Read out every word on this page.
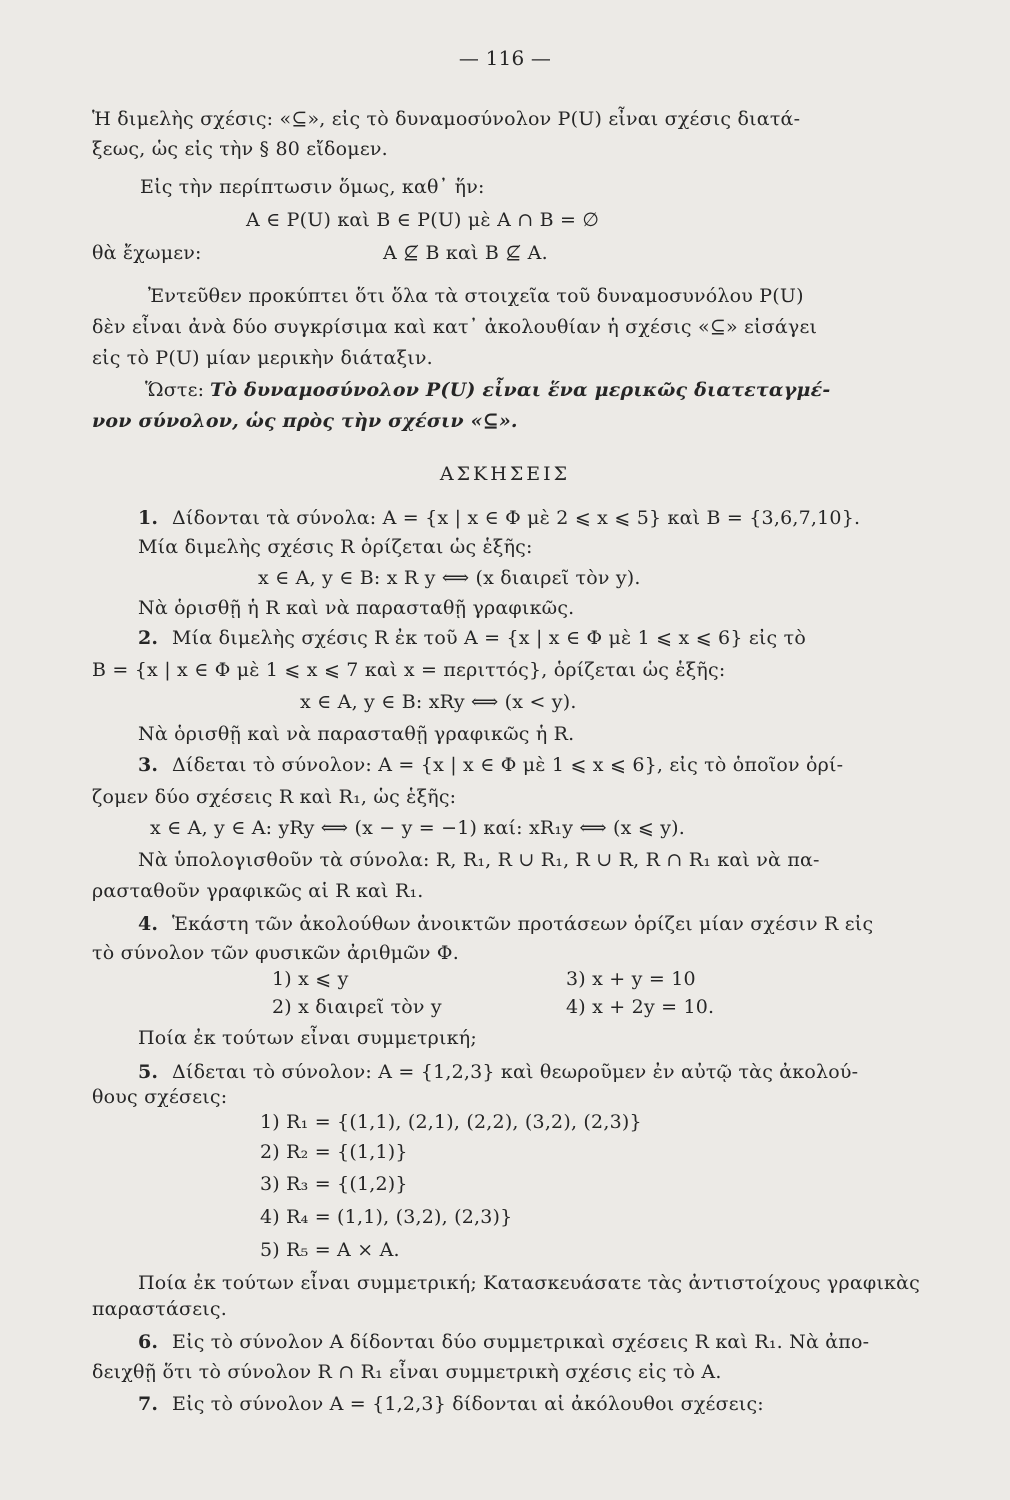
— 116 —
Ἡ διμελὴς σχέσις: «⊆», εἰς τὸ δυναμοσύνολον P(U) εἶναι σχέσις διατά-
ξεως, ὡς εἰς τὴν § 80 εἴδομεν.
Εἰς τὴν περίπτωσιν ὅμως, καθ᾽ ἥν:
A ∈ P(U) καὶ B ∈ P(U) μὲ A ∩ B = ∅
θὰ ἔχωμεν:	A ⊈ B καὶ B ⊈ A.
Ἐντεῦθεν προκύπτει ὅτι ὅλα τὰ στοιχεῖα τοῦ δυναμοσυνόλου P(U)
δὲν εἶναι ἀνὰ δύο συγκρίσιμα καὶ κατ᾽ ἀκολουθίαν ἡ σχέσις «⊆» εἰσάγει
εἰς τὸ P(U) μίαν μερικὴν διάταξιν.
Ὥστε: Τὸ δυναμοσύνολον P(U) εἶναι ἕνα μερικῶς διατεταγμέ-
νον σύνολον, ὡς πρὸς τὴν σχέσιν «⊆».
ΑΣΚΗΣΕΙΣ
1. Δίδονται τὰ σύνολα: A = {x | x ∈ Φ μὲ 2 ⩽ x ⩽ 5} καὶ B = {3,6,7,10}.
Μία διμελὴς σχέσις R ὁρίζεται ὡς ἑξῆς:
x ∈ A, y ∈ B: x R y ⟺ (x διαιρεῖ τὸν y).
Νὰ ὁρισθῇ ἡ R καὶ νὰ παρασταθῇ γραφικῶς.
2. Μία διμελὴς σχέσις R ἐκ τοῦ A = {x | x ∈ Φ μὲ 1 ⩽ x ⩽ 6} εἰς τὸ
B = {x | x ∈ Φ μὲ 1 ⩽ x ⩽ 7 καὶ x = περιττός}, ὁρίζεται ὡς ἑξῆς:
x ∈ A, y ∈ B: xRy ⟺ (x < y).
Νὰ ὁρισθῇ καὶ νὰ παρασταθῇ γραφικῶς ἡ R.
3. Δίδεται τὸ σύνολον: A = {x | x ∈ Φ μὲ 1 ⩽ x ⩽ 6}, εἰς τὸ ὁποῖον ὁρί-
ζομεν δύο σχέσεις R καὶ R₁, ὡς ἑξῆς:
x ∈ A, y ∈ A: yRy ⟺ (x − y = −1) καί: xR₁y ⟺ (x ⩽ y).
Νὰ ὑπολογισθοῦν τὰ σύνολα: R, R₁, R ∪ R₁, R ∪ R, R ∩ R₁ καὶ νὰ πα-
ρασταθοῦν γραφικῶς αἱ R καὶ R₁.
4. Ἑκάστη τῶν ἀκολούθων ἀνοικτῶν προτάσεων ὁρίζει μίαν σχέσιν R εἰς
τὸ σύνολον τῶν φυσικῶν ἀριθμῶν Φ.
1) x ⩽ y	3) x + y = 10
2) x διαιρεῖ τὸν y	4) x + 2y = 10.
Ποία ἐκ τούτων εἶναι συμμετρική;
5. Δίδεται τὸ σύνολον: A = {1,2,3} καὶ θεωροῦμεν ἐν αὐτῷ τὰς ἀκολού-
θους σχέσεις:
1) R₁ = {(1,1), (2,1), (2,2), (3,2), (2,3)}
2) R₂ = {(1,1)}
3) R₃ = {(1,2)}
4) R₄ = (1,1), (3,2), (2,3)}
5) R₅ = A × A.
Ποία ἐκ τούτων εἶναι συμμετρική; Κατασκευάσατε τὰς ἀντιστοίχους γραφικὰς
παραστάσεις.
6. Εἰς τὸ σύνολον A δίδονται δύο συμμετρικαὶ σχέσεις R καὶ R₁. Νὰ ἀπο-
δειχθῇ ὅτι τὸ σύνολον R ∩ R₁ εἶναι συμμετρικὴ σχέσις εἰς τὸ A.
7. Εἰς τὸ σύνολον A = {1,2,3} δίδονται αἱ ἀκόλουθοι σχέσεις:
